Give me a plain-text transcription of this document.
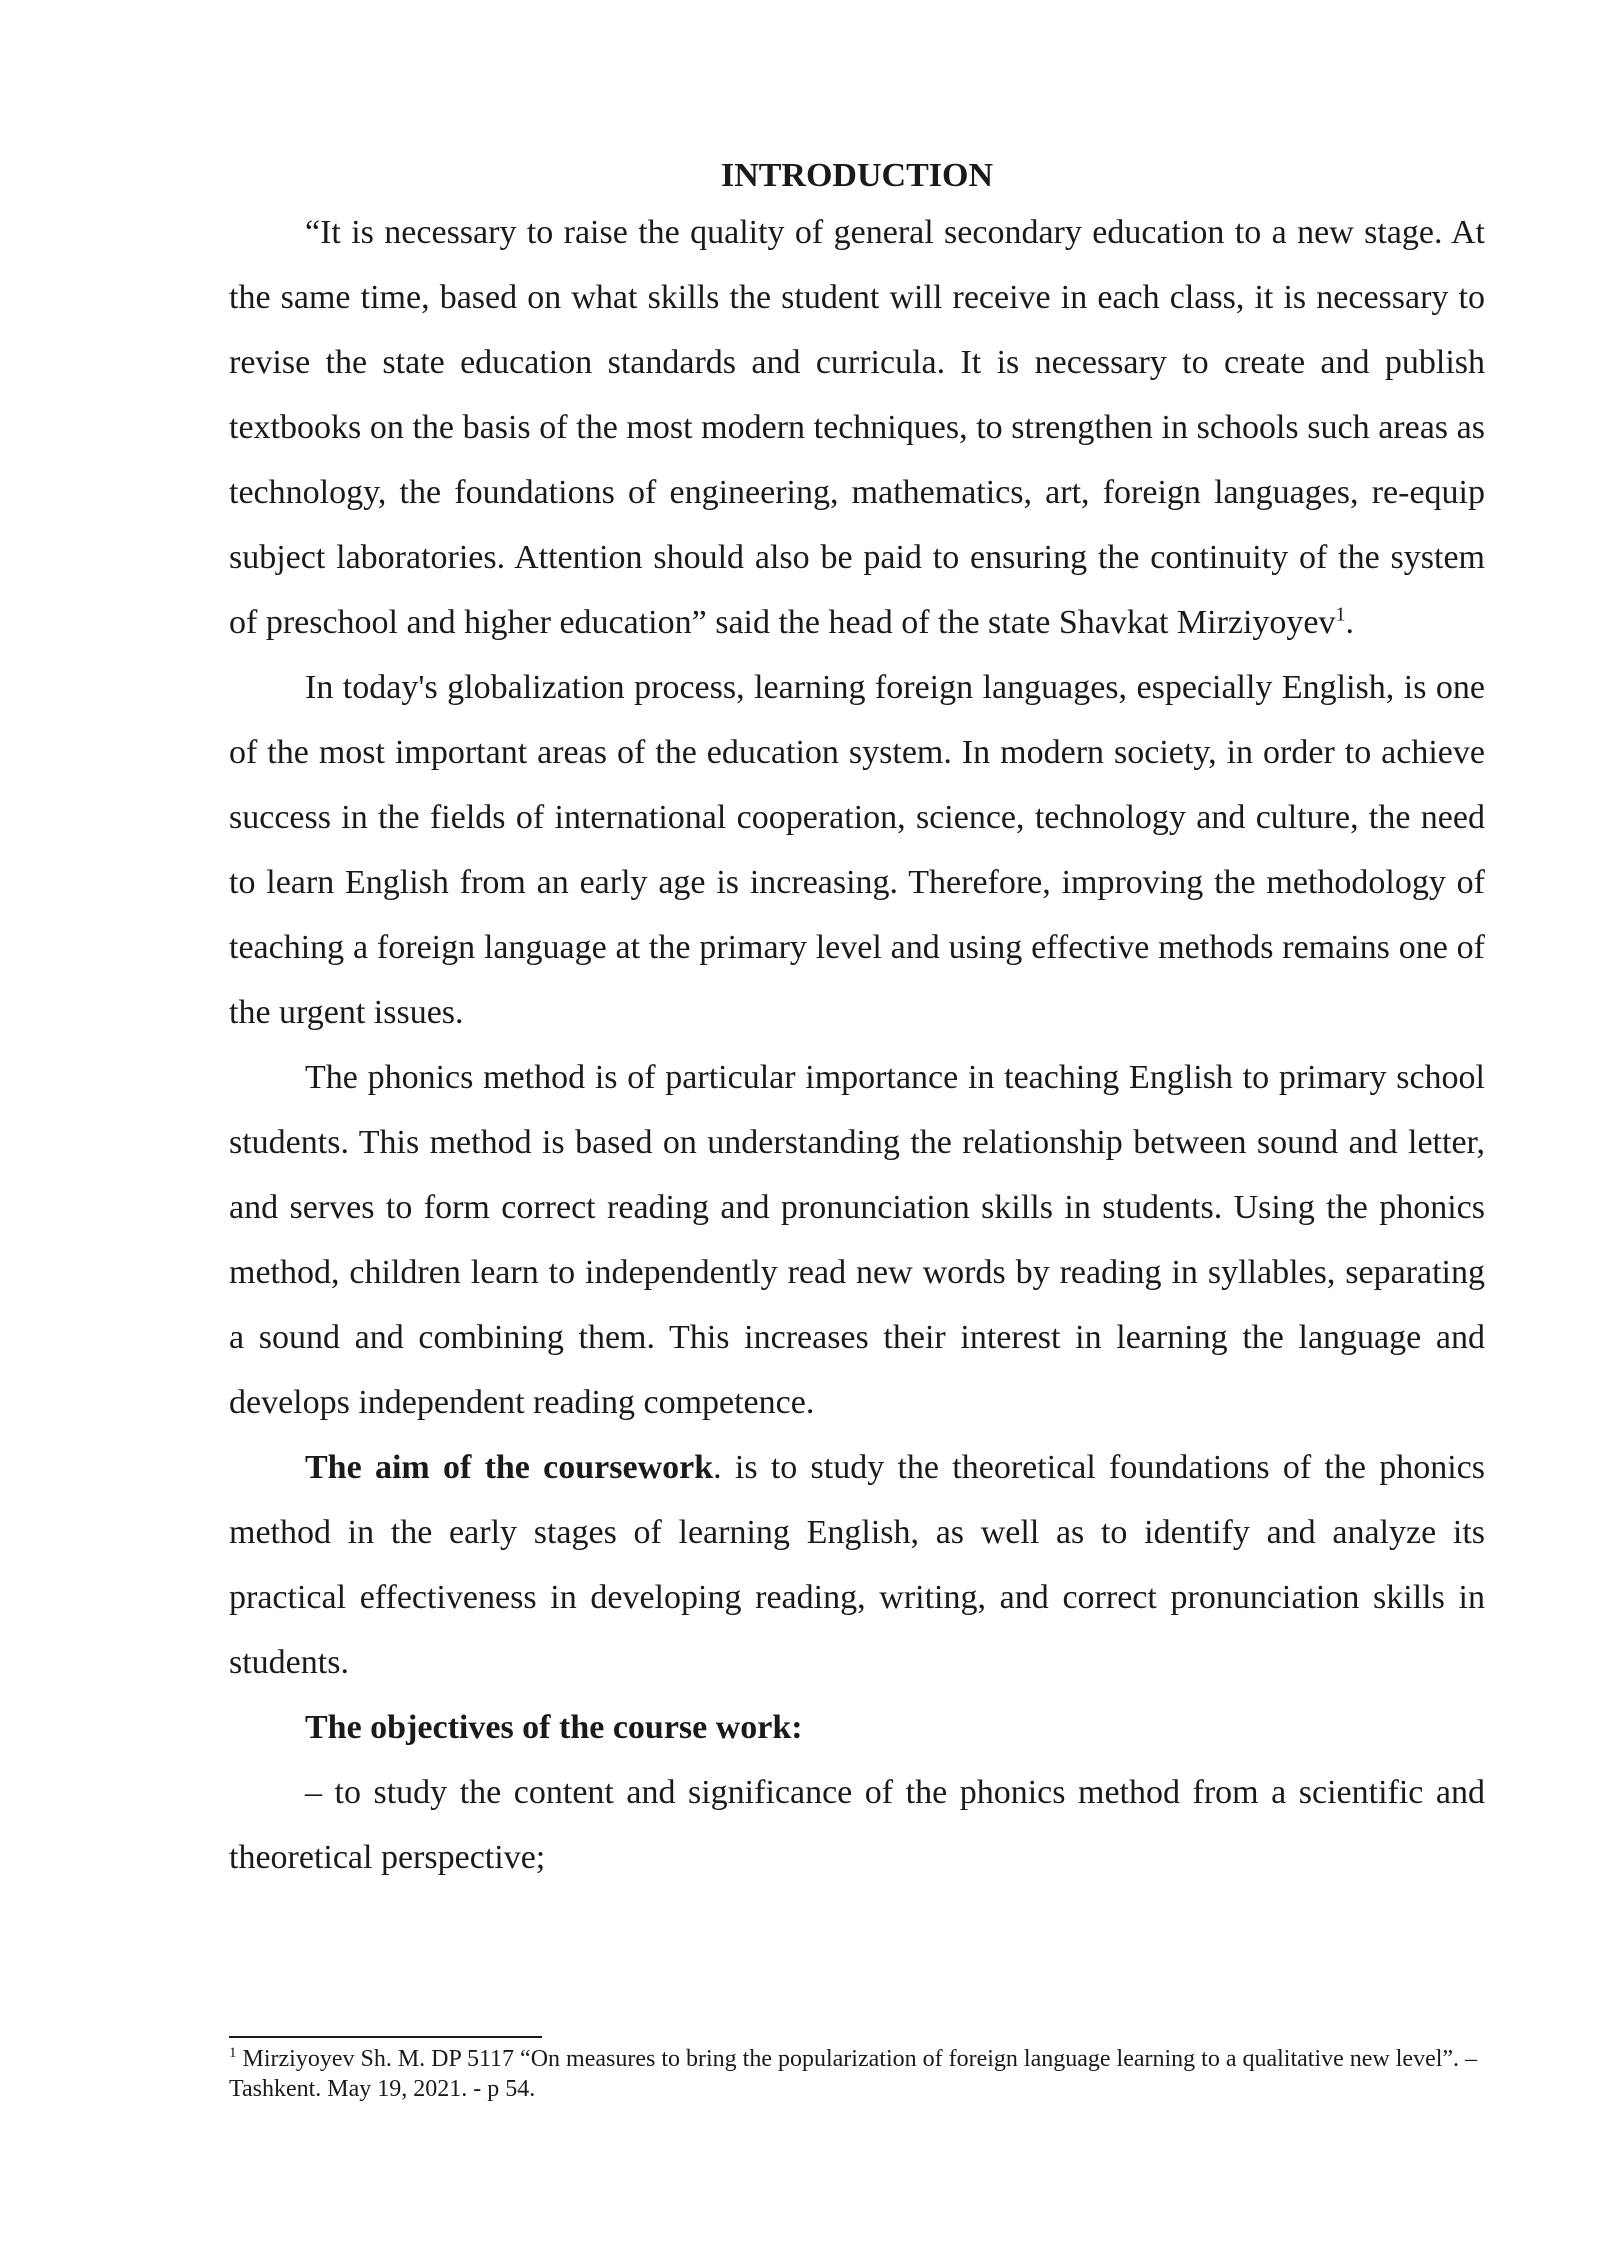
INTRODUCTION

“It is necessary to raise the quality of general secondary education to a new stage. At the same time, based on what skills the student will receive in each class, it is necessary to revise the state education standards and curricula. It is necessary to create and publish textbooks on the basis of the most modern techniques, to strengthen in schools such areas as technology, the foundations of engineering, mathematics, art, foreign languages, re-equip subject laboratories. Attention should also be paid to ensuring the continuity of the system of preschool and higher education” said the head of the state Shavkat Mirziyoyev$^1$.

In today's globalization process, learning foreign languages, especially English, is one of the most important areas of the education system. In modern society, in order to achieve success in the fields of international cooperation, science, technology and culture, the need to learn English from an early age is increasing. Therefore, improving the methodology of teaching a foreign language at the primary level and using effective methods remains one of the urgent issues.

The phonics method is of particular importance in teaching English to primary school students. This method is based on understanding the relationship between sound and letter, and serves to form correct reading and pronunciation skills in students. Using the phonics method, children learn to independently read new words by reading in syllables, separating a sound and combining them. This increases their interest in learning the language and develops independent reading competence.

The aim of the coursework. is to study the theoretical foundations of the phonics method in the early stages of learning English, as well as to identify and analyze its practical effectiveness in developing reading, writing, and correct pronunciation skills in students.

The objectives of the course work:

– to study the content and significance of the phonics method from a scientific and theoretical perspective;

$^1$ Mirziyoyev Sh. M. DP 5117 “On measures to bring the popularization of foreign language learning to a qualitative new level”. – Tashkent. May 19, 2021. - p 54.
